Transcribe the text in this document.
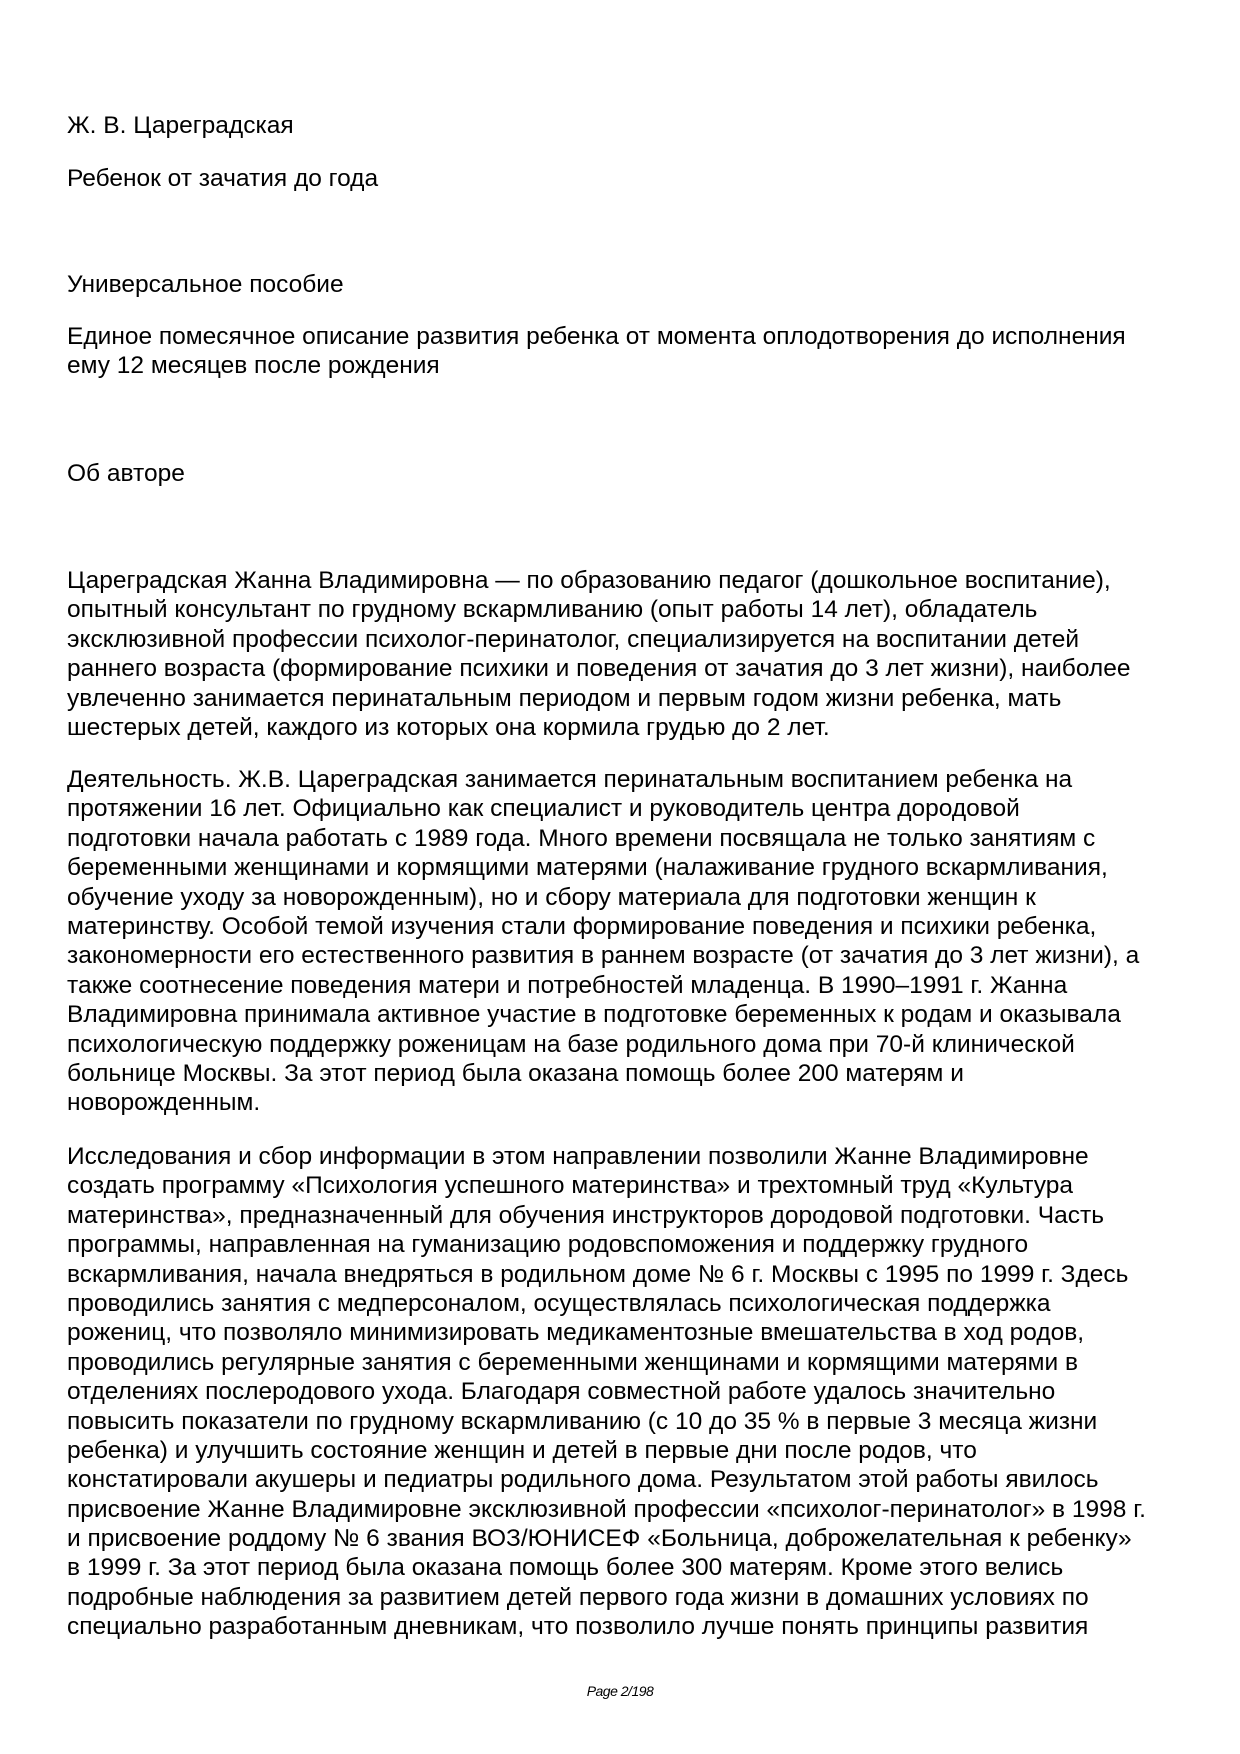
Ж. В. Цареградская
Ребенок от зачатия до года
Универсальное пособие
Единое помесячное описание развития ребенка от момента оплодотворения до исполнения
ему 12 месяцев после рождения
Об авторе
Цареградская Жанна Владимировна — по образованию педагог (дошкольное воспитание),
опытный консультант по грудному вскармливанию (опыт работы 14 лет), обладатель
эксклюзивной профессии психолог-перинатолог, специализируется на воспитании детей
раннего возраста (формирование психики и поведения от зачатия до 3 лет жизни), наиболее
увлеченно занимается перинатальным периодом и первым годом жизни ребенка, мать
шестерых детей, каждого из которых она кормила грудью до 2 лет.
Деятельность. Ж.В. Цареградская занимается перинатальным воспитанием ребенка на
протяжении 16 лет. Официально как специалист и руководитель центра дородовой
подготовки начала работать с 1989 года. Много времени посвящала не только занятиям с
беременными женщинами и кормящими матерями (налаживание грудного вскармливания,
обучение уходу за новорожденным), но и сбору материала для подготовки женщин к
материнству. Особой темой изучения стали формирование поведения и психики ребенка,
закономерности его естественного развития в раннем возрасте (от зачатия до 3 лет жизни), а
также соотнесение поведения матери и потребностей младенца. В 1990–1991 г. Жанна
Владимировна принимала активное участие в подготовке беременных к родам и оказывала
психологическую поддержку роженицам на базе родильного дома при 70-й клинической
больнице Москвы. За этот период была оказана помощь более 200 матерям и
новорожденным.
Исследования и сбор информации в этом направлении позволили Жанне Владимировне
создать программу «Психология успешного материнства» и трехтомный труд «Культура
материнства», предназначенный для обучения инструкторов дородовой подготовки. Часть
программы, направленная на гуманизацию родовспоможения и поддержку грудного
вскармливания, начала внедряться в родильном доме № 6 г. Москвы с 1995 по 1999 г. Здесь
проводились занятия с медперсоналом, осуществлялась психологическая поддержка
рожениц, что позволяло минимизировать медикаментозные вмешательства в ход родов,
проводились регулярные занятия с беременными женщинами и кормящими матерями в
отделениях послеродового ухода. Благодаря совместной работе удалось значительно
повысить показатели по грудному вскармливанию (с 10 до 35 % в первые 3 месяца жизни
ребенка) и улучшить состояние женщин и детей в первые дни после родов, что
констатировали акушеры и педиатры родильного дома. Результатом этой работы явилось
присвоение Жанне Владимировне эксклюзивной профессии «психолог-перинатолог» в 1998 г.
и присвоение роддому № 6 звания ВОЗ/ЮНИСЕФ «Больница, доброжелательная к ребенку»
в 1999 г. За этот период была оказана помощь более 300 матерям. Кроме этого велись
подробные наблюдения за развитием детей первого года жизни в домашних условиях по
специально разработанным дневникам, что позволило лучше понять принципы развития
Page 2/198
